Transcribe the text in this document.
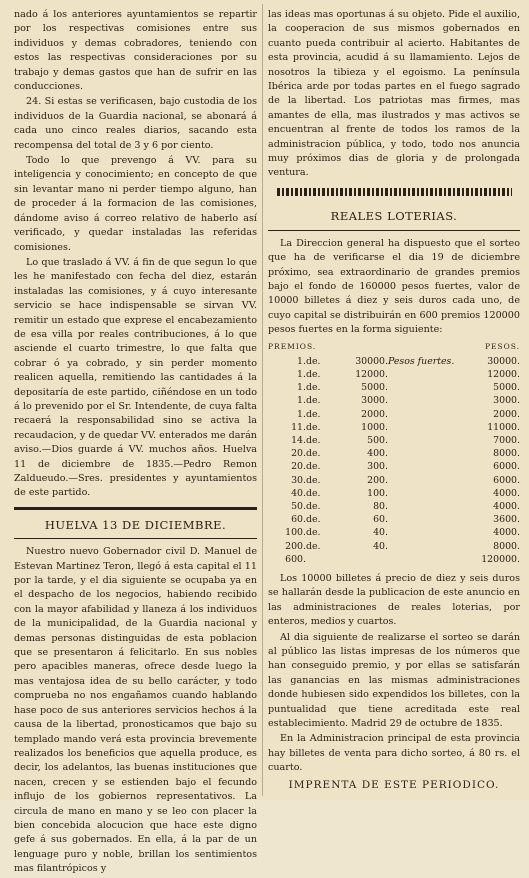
nado á los anteriores ayuntamientos se repartir por los respectivas comisiones entre sus individuos y demas cobradores, teniendo con estos las respectivas consideraciones por su trabajo y demas gastos que han de sufrir en las conducciones.

24. Si estas se verificasen, bajo custodia de los individuos de la Guardia nacional, se abonará á cada uno cinco reales diarios, sacando esta recompensa del total de 3 y 6 por ciento.

Todo lo que prevengo á VV. para su inteligencia y conocimiento; en concepto de que sin levantar mano ni perder tiempo alguno, han de proceder á la formacion de las comisiones, dándome aviso á correo relativo de haberlo así verificado, y quedar instaladas las referidas comisiones.

Lo que traslado á VV. á fin de que segun lo que les he manifestado con fecha del diez, estarán instaladas las comisiones, y á cuyo interesante servicio se hace indispensable se sirvan VV. remitir un estado que exprese el encabezamiento de esa villa por reales contribuciones, á lo que asciende el cuarto trimestre, lo que falta que cobrar ó ya cobrado, y sin perder momento realicen aquella, remitiendo las cantidades á la depositaría de este partido, ciñéndose en un todo á lo prevenido por el Sr. Intendente, de cuya falta recaerá la responsabilidad sino se activa la recaudacion, y de quedar VV. enterados me darán aviso.—Dios guarde á VV. muchos años. Huelva 11 de diciembre de 1835.—Pedro Remon Zaldueudo.—Sres. presidentes y ayuntamientos de este partido.

HUELVA 13 DE DICIEMBRE.

Nuestro nuevo Gobernador civil D. Manuel de Estevan Martinez Teron, llegó á esta capital el 11 por la tarde, y el dia siguiente se ocupaba ya en el despacho de los negocios, habiendo recibido con la mayor afabilidad y llaneza á los individuos de la municipalidad, de la Guardia nacional y demas personas distinguidas de esta poblacion que se presentaron á felicitarlo. En sus nobles pero apacibles maneras, ofrece desde luego la mas ventajosa idea de su bello carácter, y todo comprueba no nos engañamos cuando hablando hase poco de sus anteriores servicios hechos á la causa de la libertad, pronosticamos que bajo su templado mando verá esta provincia brevemente realizados los beneficios que aquella produce, es decir, los adelantos, las buenas instituciones que nacen, crecen y se estienden bajo el fecundo influjo de los gobiernos representativos. La circula de mano en mano y se leo con placer la bien concebida alocucion que hace este digno gefe á sus gobernados. En ella, á la par de un lenguage puro y noble, brillan los sentimientos mas filantrópicos y

las ideas mas oportunas á su objeto. Pide el auxilio, la cooperacion de sus mismos gobernados en cuanto pueda contribuir al acierto. Habitantes de esta provincia, acudid á su llamamiento. Lejos de nosotros la tibieza y el egoismo. La península Ibérica arde por todas partes en el fuego sagrado de la libertad. Los patriotas mas firmes, mas amantes de ella, mas ilustrados y mas activos se encuentran al frente de todos los ramos de la administracion pública, y todo, todo nos anuncia muy próximos dias de gloria y de prolongada ventura.

REALES LOTERIAS.

La Direccion general ha dispuesto que el sorteo que ha de verificarse el dia 19 de diciembre próximo, sea extraordinario de grandes premios bajo el fondo de 160000 pesos fuertes, valor de 10000 billetes á diez y seis duros cada uno, de cuyo capital se distribuirán en 600 premios 120000 pesos fuertes en la forma siguiente:

PREMIOS.				PESOS.
1.	de.	30000.	Pesos fuertes.	30000.
1.	de.	12000.		12000.
1.	de.	5000.		5000.
1.	de.	3000.		3000.
1.	de.	2000.		2000.
11.	de.	1000.		11000.
14.	de.	500.		7000.
20.	de.	400.		8000.
20.	de.	300.		6000.
30.	de.	200.		6000.
40.	de.	100.		4000.
50.	de.	80.		4000.
60.	de.	60.		3600.
100.	de.	40.		4000.
200.	de.	40.		8000.
600.				120000.

Los 10000 billetes á precio de diez y seis duros se hallarán desde la publicacion de este anuncio en las administraciones de reales loterias, por enteros, medios y cuartos.

Al dia siguiente de realizarse el sorteo se darán al público las listas impresas de los números que han conseguido premio, y por ellas se satisfarán las ganancias en las mismas administraciones donde hubiesen sido expendidos los billetes, con la puntualidad que tiene acreditada este real establecimiento. Madrid 29 de octubre de 1835.

En la Administracion principal de esta provincia hay billetes de venta para dicho sorteo, á 80 rs. el cuarto.

IMPRENTA DE ESTE PERIODICO.
